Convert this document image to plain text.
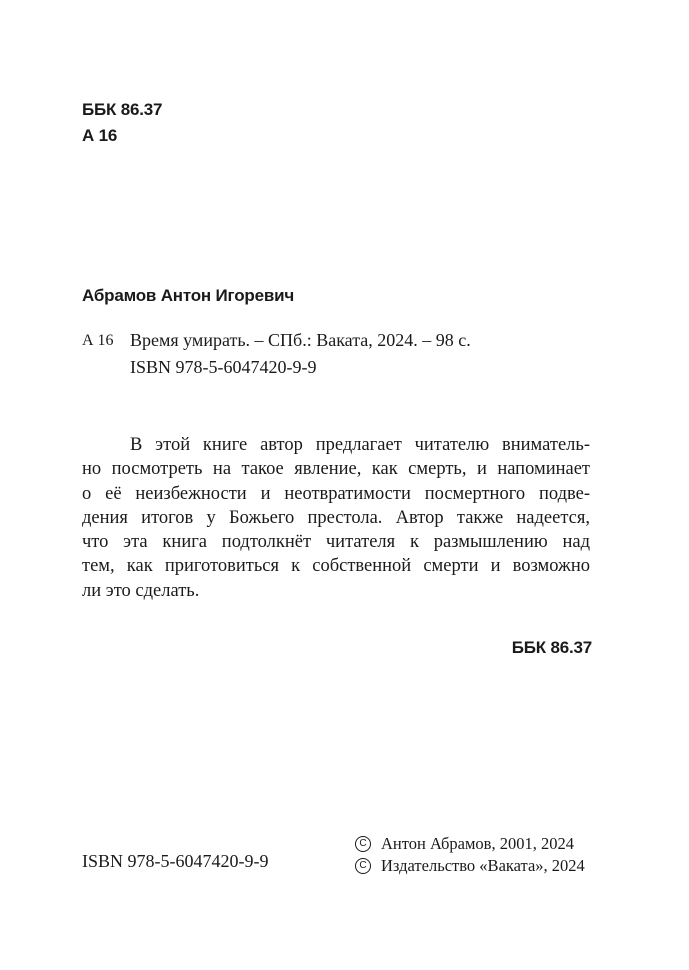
ББК 86.37
А 16
Абрамов Антон Игоревич
А 16 Время умирать. – СПб.: Ваката, 2024. – 98 с.
ISBN 978-5-6047420-9-9
В этой книге автор предлагает читателю вниматель-
но посмотреть на такое явление, как смерть, и напоминает
о её неизбежности и неотвратимости посмертного подве-
дения итогов у Божьего престола. Автор также надеется,
что эта книга подтолкнёт читателя к размышлению над
тем, как приготовиться к собственной смерти и возможно
ли это сделать.
ББК 86.37
ISBN 978-5-6047420-9-9
C Антон Абрамов, 2001, 2024
C Издательство «Ваката», 2024
